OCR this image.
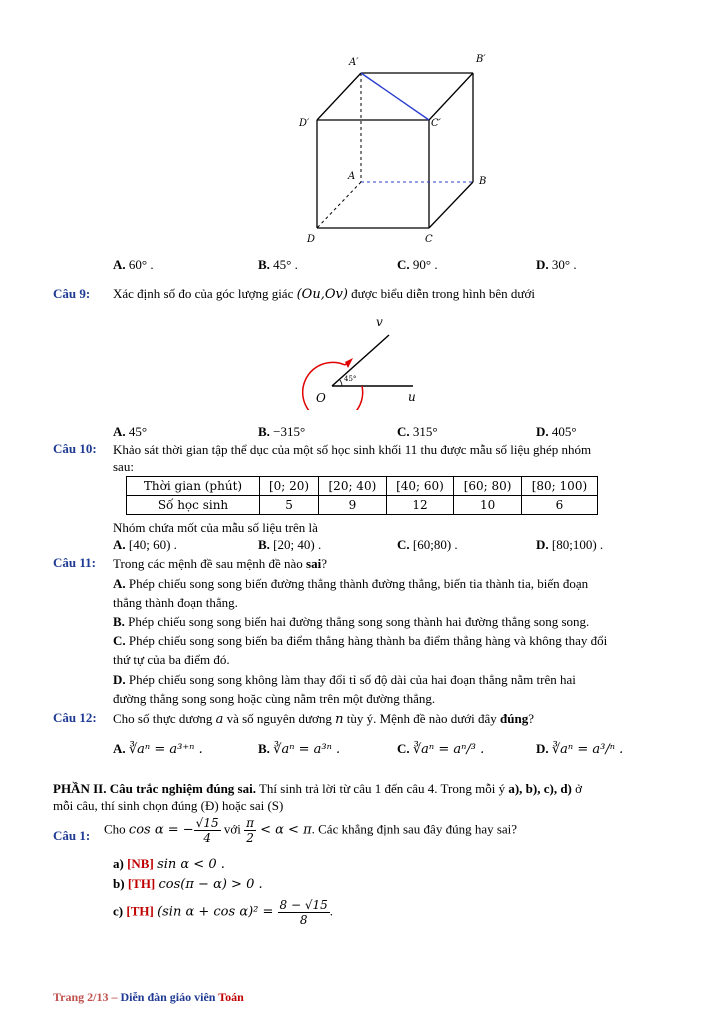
A′	B′
D′	C′
A	B
D	C
A. 60° .	B. 45° .	C. 90° .	D. 30° .
Câu 9: Xác định số đo của góc lượng giác (Ou,Ov) được biểu diễn trong hình bên dưới
45°
v
O	u
A. 45°	B. −315°	C. 315°	D. 405°
Câu 10: Khảo sát thời gian tập thể dục của một số học sinh khối 11 thu được mẫu số liệu ghép nhóm
sau:
Thời gian (phút)	[0; 20)	[20; 40)	[40; 60)	[60; 80)	[80; 100)
Số học sinh	5	9	12	10	6
Nhóm chứa mốt của mẫu số liệu trên là
A. [40; 60) .	B. [20; 40) .	C. [60;80) .	D. [80;100) .
Câu 11: Trong các mệnh đề sau mệnh đề nào sai?
A. Phép chiếu song song biến đường thẳng thành đường thẳng, biến tia thành tia, biến đoạn
thẳng thành đoạn thẳng.
B. Phép chiếu song song biến hai đường thẳng song song thành hai đường thẳng song song.
C. Phép chiếu song song biến ba điểm thẳng hàng thành ba điểm thẳng hàng và không thay đổi
thứ tự của ba điểm đó.
D. Phép chiếu song song không làm thay đổi tỉ số độ dài của hai đoạn thẳng nằm trên hai
đường thẳng song song hoặc cùng nằm trên một đường thẳng.
Câu 12: Cho số thực dương a và số nguyên dương n tùy ý. Mệnh đề nào dưới đây đúng?
A. ∛aⁿ = a³⁺ⁿ .	B. ∛aⁿ = a³ⁿ .	C. ∛aⁿ = aⁿ/³ .	D. ∛aⁿ = a³/ⁿ .
PHẦN II. Câu trắc nghiệm đúng sai. Thí sinh trả lời từ câu 1 đến câu 4. Trong mỗi ý a), b), c), d) ở
mỗi câu, thí sinh chọn đúng (Đ) hoặc sai (S)
Câu 1: Cho cos α = − $\frac{√15}{4}$ với $\frac{\pi}{2} < \alpha < \pi$. Các khẳng định sau đây đúng hay sai?
a) [NB] sin α < 0 .
b) [TH] cos(π − α) > 0 .
c) [TH] (sin $\alpha + \cos \alpha)^2 = \frac{8 - √15}{8}$ .
Trang 2/13 – Diễn đàn giáo viên Toán
